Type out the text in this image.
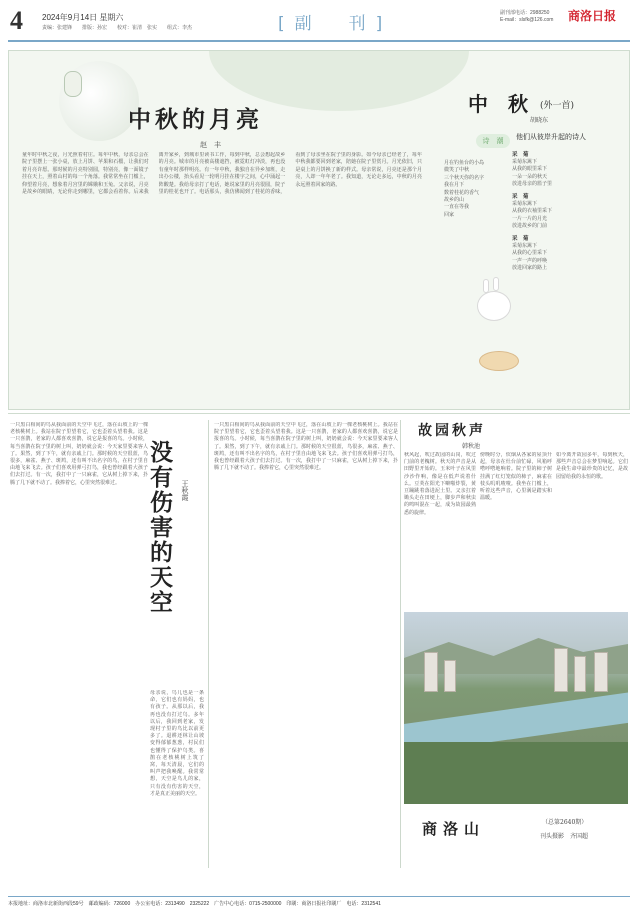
4 2024年9月14日 星期六
责编：张建锋　　排版：孙宏　　校对：崔清　张实　　组式：李杰	[副　刊]
副刊部电话：2988250
E-mail：slsfk@126.com 商洛日报
中秋的月亮
赵　丰
童年时中秋之夜，月光照着村庄。每年中秋，母亲总会在院子里摆上一张小桌，放上月饼、苹果和石榴，让我们对着月亮许愿。那时候的月亮特别圆，特别亮，像一面镜子挂在天上，照着山村的每一个角落。我常常坐在门槛上，仰望着月亮，想象着月宫里的嫦娥和玉兔。父亲说，月亮是故乡的眼睛，无论你走到哪里，它都会看着你。后来我离开家乡，到城市里读书工作，每到中秋，总会想起故乡的月亮。城市的月亮被高楼遮挡，被霓虹灯冲淡，再也没有童年时那样明亮。有一年中秋，我独自在异乡加班，走出办公楼，抬头看见一轮明月挂在楼宇之间，心中涌起一阵酸楚。我给母亲打了电话，她说家里的月亮很圆，院子里的桂花也开了。电话那头，我仿佛闻到了桂花的香味，看到了母亲坐在院子里的身影。如今母亲已经老了，每年中秋我都要回到老家，陪她在院子里赏月。月光依旧，只是桌上的月饼换了新的样式。母亲常说，月亮还是那个月亮，人却一年年老了。我知道，无论走多远，中秋的月亮永远照着回家的路。
中　秋 (外一首)
胡晓东
诗　潮
月在钓鱼台的小岛
微笑了中秋
三个秋天你的名字
我在月下
数着桂花的香气
故乡的山
一直在等我
回家
他们从彼岸升起的诗人
采　菊
采菊东篱下
从我的眼里采下
一朵一朵的秋天
放进母亲的篮子里
采　菊
采菊东篱下
从我的衣袖里采下
一片一片的月光
放进故乡的门前
采　菊
采菊东篱下
从我的心里采下
一声一声的呼唤
放进回家的路上
一只黑白相间的鸟从我面前的天空中飞过，落在山坡上的一棵老核桃树上。我站在院子里望着它，它也歪着头望着我。这是一只喜鹊，老家的人都喜欢喜鹊，说它是报喜的鸟。小时候，每当喜鹊在院子里的树上叫，奶奶就会说：今天家里要来客人了。果然，到了下午，就有亲戚上门。那时候的天空很蓝，鸟很多，麻雀、燕子、斑鸠，还有叫不出名字的鸟，在村子里自由地飞来飞去。孩子们喜欢用弹弓打鸟，我也曾经跟着大孩子们去打过。有一次，我打中了一只麻雀，它从树上掉下来，扑腾了几下就不动了。我捧着它，心里突然很难过。	没有伤害的天空	王秋霞
母亲说，鸟儿也是一条命，它们也有妈妈，也有孩子。从那以后，我再也没有打过鸟。多年以后，我回到老家，发现村子里的鸟比以前更多了。退耕还林让山坡变得郁郁葱葱，村民们也懂得了保护鸟类。喜鹊在老核桃树上筑了窝，每天清晨，它们的叫声把我唤醒。我常常想，天空是鸟儿的家，只有没有伤害的天空，才是真正美丽的天空。
一只黑白相间的鸟从我面前的天空中飞过，落在山坡上的一棵老核桃树上。我站在院子里望着它，它也歪着头望着我。这是一只喜鹊，老家的人都喜欢喜鹊，说它是报喜的鸟。小时候，每当喜鹊在院子里的树上叫，奶奶就会说：今天家里要来客人了。果然，到了下午，就有亲戚上门。那时候的天空很蓝，鸟很多，麻雀、燕子、斑鸠，还有叫不出名字的鸟，在村子里自由地飞来飞去。孩子们喜欢用弹弓打鸟，我也曾经跟着大孩子们去打过。有一次，我打中了一只麻雀，它从树上掉下来，扑腾了几下就不动了。我捧着它，心里突然很难过。
故园秋声
韩秋池
秋风起，吹过故园的山岗，吹过门前的老槐树。秋天的声音是从田野里开始的。玉米叶子在风里沙沙作响，像是在低声说着什么。豆荚在阳光下噼啪炸裂，黄豆蹦跳着落进泥土里。父亲扛着锄头走在田埂上，脚步声和秋虫的鸣叫混在一起，成为故园最熟悉的旋律。
傍晚时分，炊烟从各家的屋顶升起，母亲在灶台前忙碌，风箱呼嗒呼嗒地响着。院子里的柿子树挂满了红灯笼似的柿子，麻雀在枝头叽叽喳喳。我坐在门槛上，听着这些声音，心里满是踏实和温暖。
如今离开故园多年，每到秋天，那些声音总会在梦里响起。它们是我生命中最珍贵的记忆，是故园留给我的永恒的歌。
商洛山	（总第2640期）
刊头摄影　齐国超
本报地址：商洛市北新街西段59号　邮政编码：726000　办公室电话：2313490　2325222　广告中心电话：0715-2500000　印刷：商洛日报社印刷厂　电话：2312541
